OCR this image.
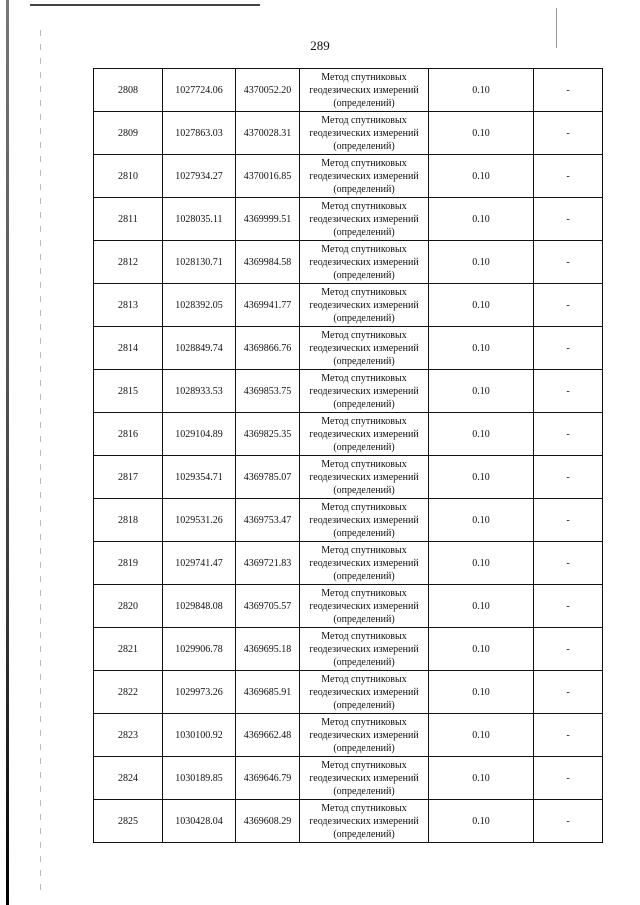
289
2808	1027724.06	4370052.20	Метод спутниковых
геодезических измерений
(определений)	0.10	-
2809	1027863.03	4370028.31	Метод спутниковых
геодезических измерений
(определений)	0.10	-
2810	1027934.27	4370016.85	Метод спутниковых
геодезических измерений
(определений)	0.10	-
2811	1028035.11	4369999.51	Метод спутниковых
геодезических измерений
(определений)	0.10	-
2812	1028130.71	4369984.58	Метод спутниковых
геодезических измерений
(определений)	0.10	-
2813	1028392.05	4369941.77	Метод спутниковых
геодезических измерений
(определений)	0.10	-
2814	1028849.74	4369866.76	Метод спутниковых
геодезических измерений
(определений)	0.10	-
2815	1028933.53	4369853.75	Метод спутниковых
геодезических измерений
(определений)	0.10	-
2816	1029104.89	4369825.35	Метод спутниковых
геодезических измерений
(определений)	0.10	-
2817	1029354.71	4369785.07	Метод спутниковых
геодезических измерений
(определений)	0.10	-
2818	1029531.26	4369753.47	Метод спутниковых
геодезических измерений
(определений)	0.10	-
2819	1029741.47	4369721.83	Метод спутниковых
геодезических измерений
(определений)	0.10	-
2820	1029848.08	4369705.57	Метод спутниковых
геодезических измерений
(определений)	0.10	-
2821	1029906.78	4369695.18	Метод спутниковых
геодезических измерений
(определений)	0.10	-
2822	1029973.26	4369685.91	Метод спутниковых
геодезических измерений
(определений)	0.10	-
2823	1030100.92	4369662.48	Метод спутниковых
геодезических измерений
(определений)	0.10	-
2824	1030189.85	4369646.79	Метод спутниковых
геодезических измерений
(определений)	0.10	-
2825	1030428.04	4369608.29	Метод спутниковых
геодезических измерений
(определений)	0.10	-
